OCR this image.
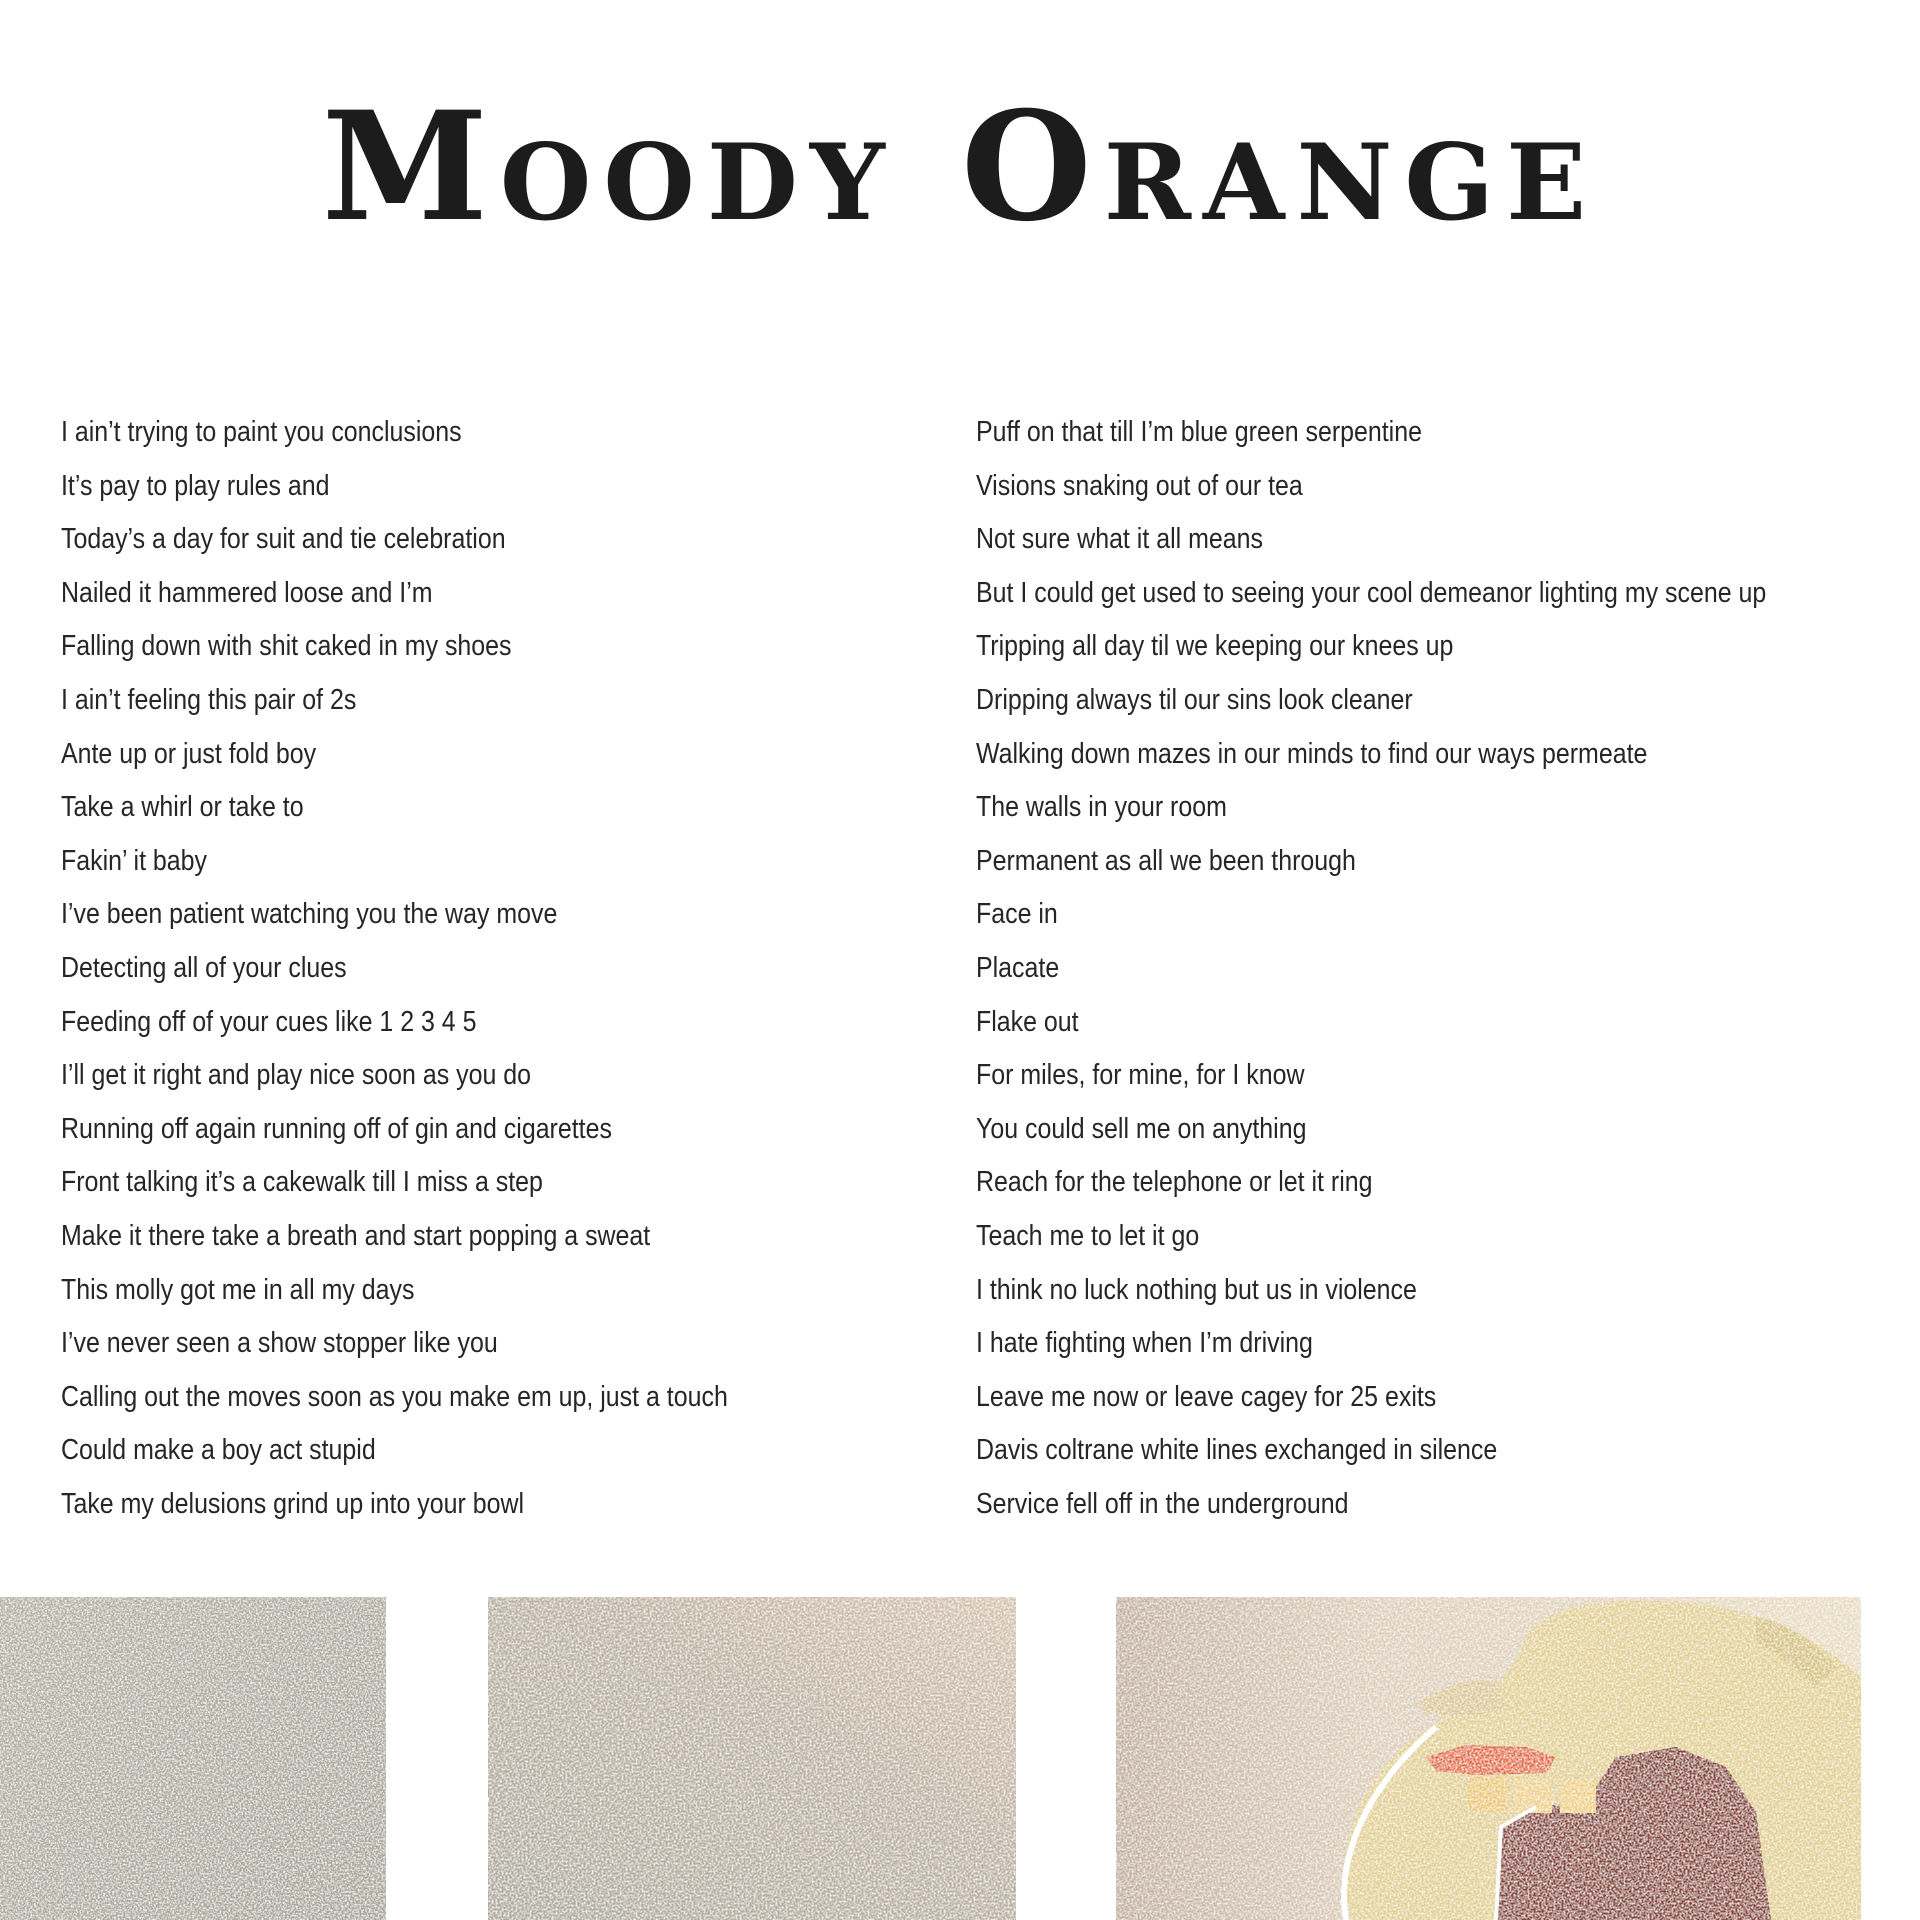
Moody Orange
I ain’t trying to paint you conclusions
It’s pay to play rules and
Today’s a day for suit and tie celebration
Nailed it hammered loose and I’m
Falling down with shit caked in my shoes
I ain’t feeling this pair of 2s
Ante up or just fold boy
Take a whirl or take to
Fakin’ it baby
I’ve been patient watching you the way move
Detecting all of your clues
Feeding off of your cues like 1 2 3 4 5
I’ll get it right and play nice soon as you do
Running off again running off of gin and cigarettes
Front talking it’s a cakewalk till I miss a step
Make it there take a breath and start popping a sweat
This molly got me in all my days
I’ve never seen a show stopper like you
Calling out the moves soon as you make em up, just a touch
Could make a boy act stupid
Take my delusions grind up into your bowl
Puff on that till I’m blue green serpentine
Visions snaking out of our tea
Not sure what it all means
But I could get used to seeing your cool demeanor lighting my scene up
Tripping all day til we keeping our knees up
Dripping always til our sins look cleaner
Walking down mazes in our minds to find our ways permeate
The walls in your room
Permanent as all we been through
Face in
Placate
Flake out
For miles, for mine, for I know
You could sell me on anything
Reach for the telephone or let it ring
Teach me to let it go
I think no luck nothing but us in violence
I hate fighting when I’m driving
Leave me now or leave cagey for 25 exits
Davis coltrane white lines exchanged in silence
Service fell off in the underground
